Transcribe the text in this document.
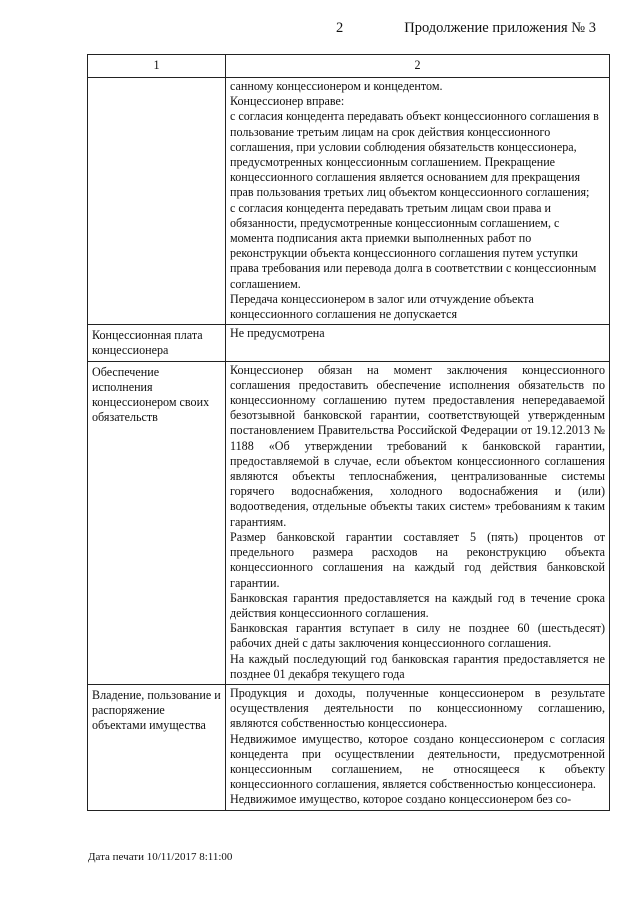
2	Продолжение приложения № 3
1	2

	санному концессионером и концедентом.

Концессионер вправе:

с согласия концедента передавать объект концессионного соглашения в пользование третьим лицам на срок действия концессионного соглашения, при условии соблюдения обязательств концессионера, предусмотренных концессионным соглашением. Прекращение концессионного соглашения является основанием для прекращения прав пользования третьих лиц объектом концессионного соглашения;

с согласия концедента передавать третьим лицам свои права и обязанности, предусмотренные концессионным соглашением, с момента подписания акта приемки выполненных работ по реконструкции объекта концессионного соглашения путем уступки права требования или перевода долга в соответствии с концессионным соглашением.

Передача концессионером в залог или отчуждение объекта концессионного соглашения не допускается

Концессионная плата концессионера	Не предусмотрена

Обеспечение исполнения концессионером своих обязательств	Концессионер обязан на момент заключения концессионного соглашения предоставить обеспечение исполнения обязательств по концессионному соглашению путем предоставления непередаваемой безотзывной банковской гарантии, соответствующей утвержденным постановлением Правительства Российской Федерации от 19.12.2013 № 1188 «Об утверждении требований к банковской гарантии, предоставляемой в случае, если объектом концессионного соглашения являются объекты теплоснабжения, централизованные системы горячего водоснабжения, холодного водоснабжения и (или) водоотведения, отдельные объекты таких систем» требованиям к таким гарантиям.

Размер банковской гарантии составляет 5 (пять) процентов от предельного размера расходов на реконструкцию объекта концессионного соглашения на каждый год действия банковской гарантии.

Банковская гарантия предоставляется на каждый год в течение срока действия концессионного соглашения.

Банковская гарантия вступает в силу не позднее 60 (шестьдесят) рабочих дней с даты заключения концессионного соглашения.

На каждый последующий год банковская гарантия предоставляется не позднее 01 декабря текущего года

Владение, пользование и распоряжение объектами имущества	Продукция и доходы, полученные концессионером в результате осуществления деятельности по концессионному соглашению, являются собственностью концессионера.

Недвижимое имущество, которое создано концессионером с согласия концедента при осуществлении деятельности, предусмотренной концессионным соглашением, не относящееся к объекту концессионного соглашения, является собственностью концессионера.

Недвижимое имущество, которое создано концессионером без со-

Дата печати 10/11/2017 8:11:00
